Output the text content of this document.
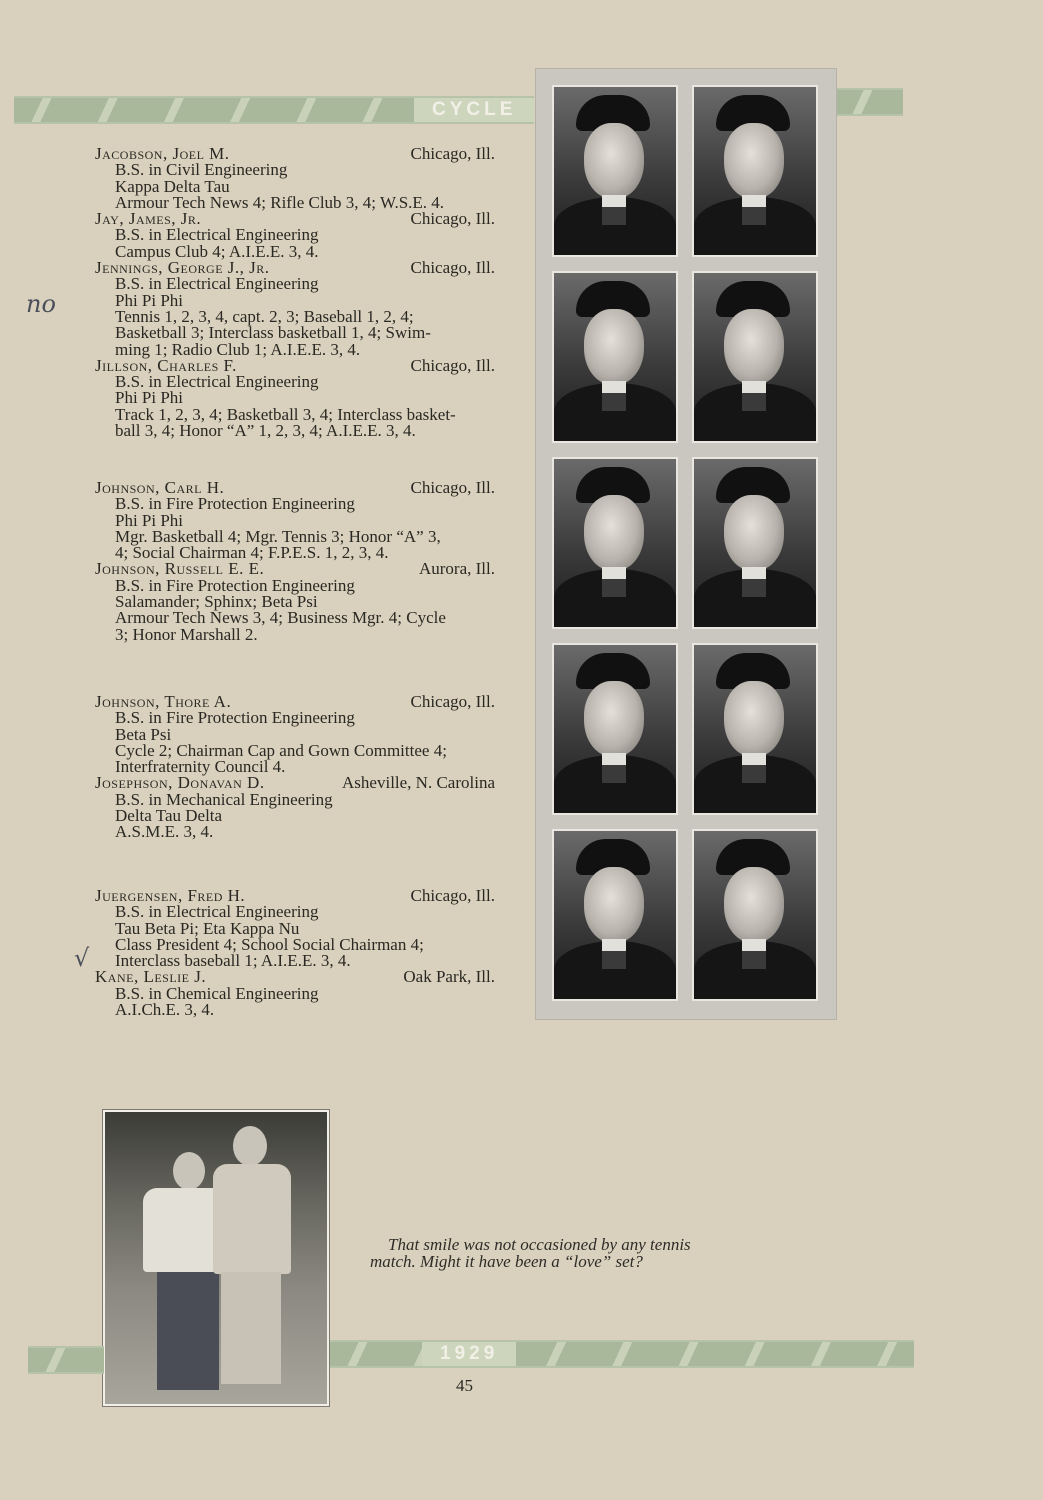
CYCLE
Jacobson, Joel M.	Chicago, Ill.
B.S. in Civil Engineering
Kappa Delta Tau
Armour Tech News 4; Rifle Club 3, 4; W.S.E. 4.
Jay, James, Jr.	Chicago, Ill.
B.S. in Electrical Engineering
Campus Club 4; A.I.E.E. 3, 4.
Jennings, George J., Jr.	Chicago, Ill.
B.S. in Electrical Engineering
Phi Pi Phi
Tennis 1, 2, 3, 4, capt. 2, 3; Baseball 1, 2, 4;
Basketball 3; Interclass basketball 1, 4; Swim-
ming 1; Radio Club 1; A.I.E.E. 3, 4.
Jillson, Charles F.	Chicago, Ill.
B.S. in Electrical Engineering
Phi Pi Phi
Track 1, 2, 3, 4; Basketball 3, 4; Interclass basket-
ball 3, 4; Honor “A” 1, 2, 3, 4; A.I.E.E. 3, 4.
Johnson, Carl H.	Chicago, Ill.
B.S. in Fire Protection Engineering
Phi Pi Phi
Mgr. Basketball 4; Mgr. Tennis 3; Honor “A” 3,
4; Social Chairman 4; F.P.E.S. 1, 2, 3, 4.
Johnson, Russell E. E.	Aurora, Ill.
B.S. in Fire Protection Engineering
Salamander; Sphinx; Beta Psi
Armour Tech News 3, 4; Business Mgr. 4; Cycle
3; Honor Marshall 2.
Johnson, Thore A.	Chicago, Ill.
B.S. in Fire Protection Engineering
Beta Psi
Cycle 2; Chairman Cap and Gown Committee 4;
Interfraternity Council 4.
Josephson, Donavan D.	Asheville, N. Carolina
B.S. in Mechanical Engineering
Delta Tau Delta
A.S.M.E. 3, 4.
Juergensen, Fred H.	Chicago, Ill.
B.S. in Electrical Engineering
Tau Beta Pi; Eta Kappa Nu
Class President 4; School Social Chairman 4;
Interclass baseball 1; A.I.E.E. 3, 4.
Kane, Leslie J.	Oak Park, Ill.
B.S. in Chemical Engineering
A.I.Ch.E. 3, 4.
no
√
That smile was not occasioned by any tennis
match. Might it have been a “love” set?
1929
45
